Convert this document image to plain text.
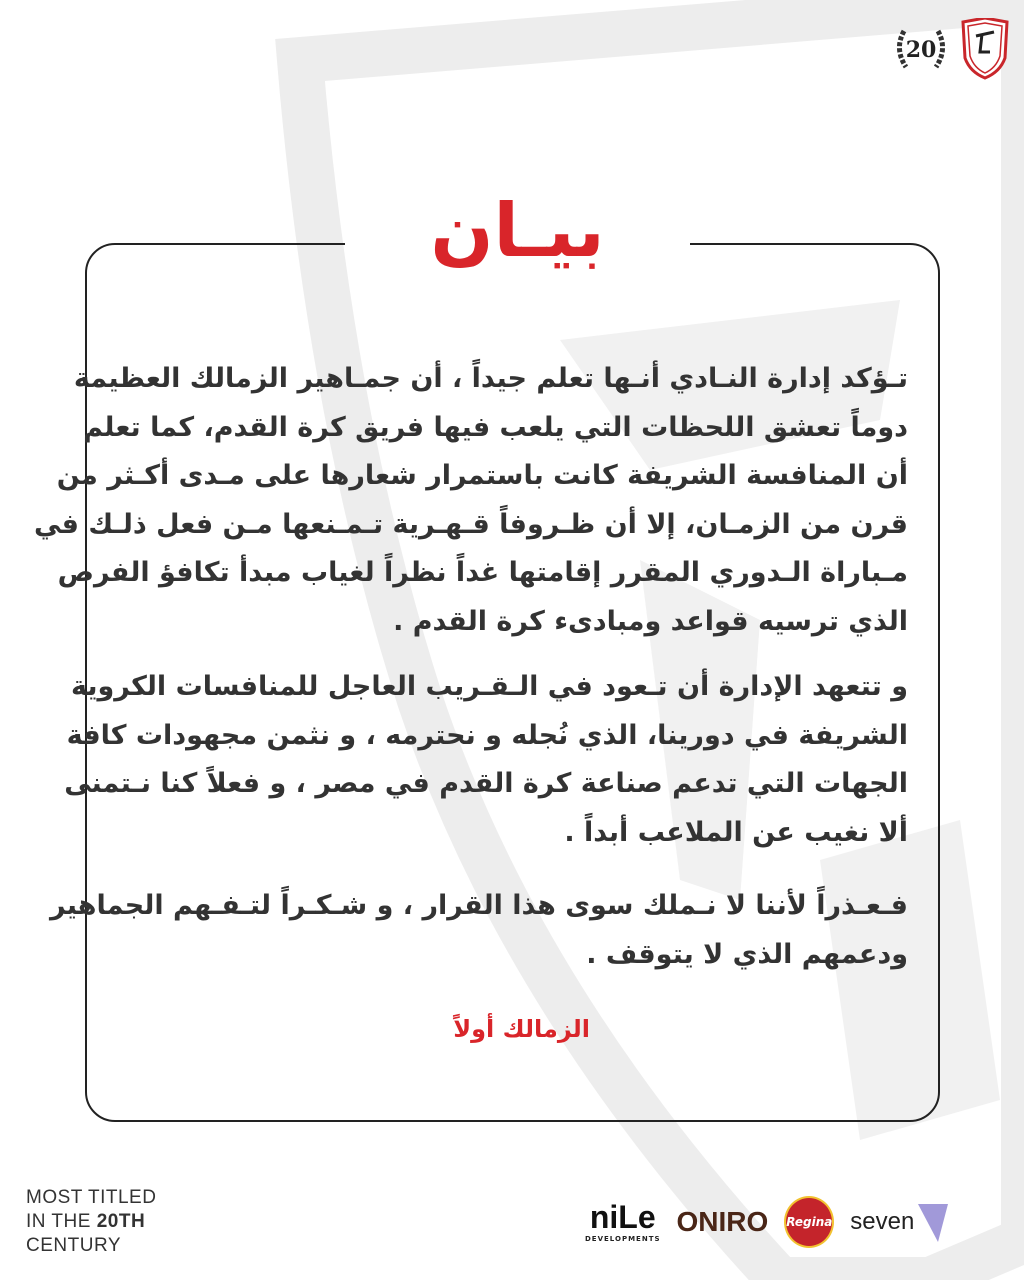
20
بيـان
تـؤكد إدارة النـادي أنـها تعلم جيداً ، أن جمـاهير الزمالك العظيمة
دوماً تعشق اللحظات التي يلعب فيها فريق كرة القدم، كما تعلم
أن المنافسة الشريفة كانت باستمرار شعارها على مـدى أكـثر من
قرن من الزمـان، إلا أن ظـروفاً قـهـرية تـمـنعها مـن فعل ذلـك في
مـباراة الـدوري المقرر إقامتها غداً نظراً لغياب مبدأ تكافؤ الفرص
الذي ترسيه قواعد ومبادىء كرة القدم .
و تتعهد الإدارة أن تـعود في الـقـريب العاجل للمنافسات الكروية
الشريفة في دورينا، الذي نُجله و نحترمه ، و نثمن مجهودات كافة
الجهات التي تدعم صناعة كرة القدم في مصر ، و فعلاً كنا نـتمنى
ألا نغيب عن الملاعب أبداً .
فـعـذراً لأننا لا نـملك سوى هذا القرار ، و شـكـراً لتـفـهم الجماهير
ودعمهم الذي لا يتوقف .
الزمالك أولاً
MOST TITLED
IN THE 20TH
CENTURY
niLe
DEVELOPMENTS
ONIRO Regina seven
